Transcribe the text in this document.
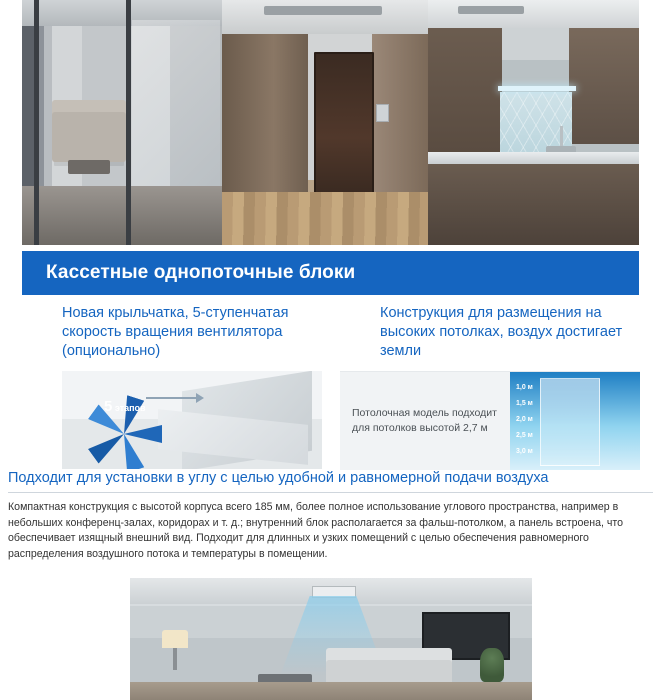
Кассетные однопоточные блоки
Новая крыльчатка, 5-ступенчатая скорость вращения вентилятора (опционально)
5 этапов
Конструкция для размещения на высоких потолках, воздух достигает земли

Потолочная модель подходит для потолков высотой 2,7 м

1,0 м
1,5 м
2,0 м
2,5 м
3,0 м
Подходит для установки в углу с целью удобной и равномерной подачи воздуха

Компактная конструкция с высотой корпуса всего 185 мм, более полное использование углового пространства, например в небольших конференц-залах, коридорах и т. д.; внутренний блок располагается за фальш-потолком, а панель встроена, что обеспечивает изящный внешний вид. Подходит для длинных и узких помещений с целью обеспечения равномерного распределения воздушного потока и температуры в помещении.
